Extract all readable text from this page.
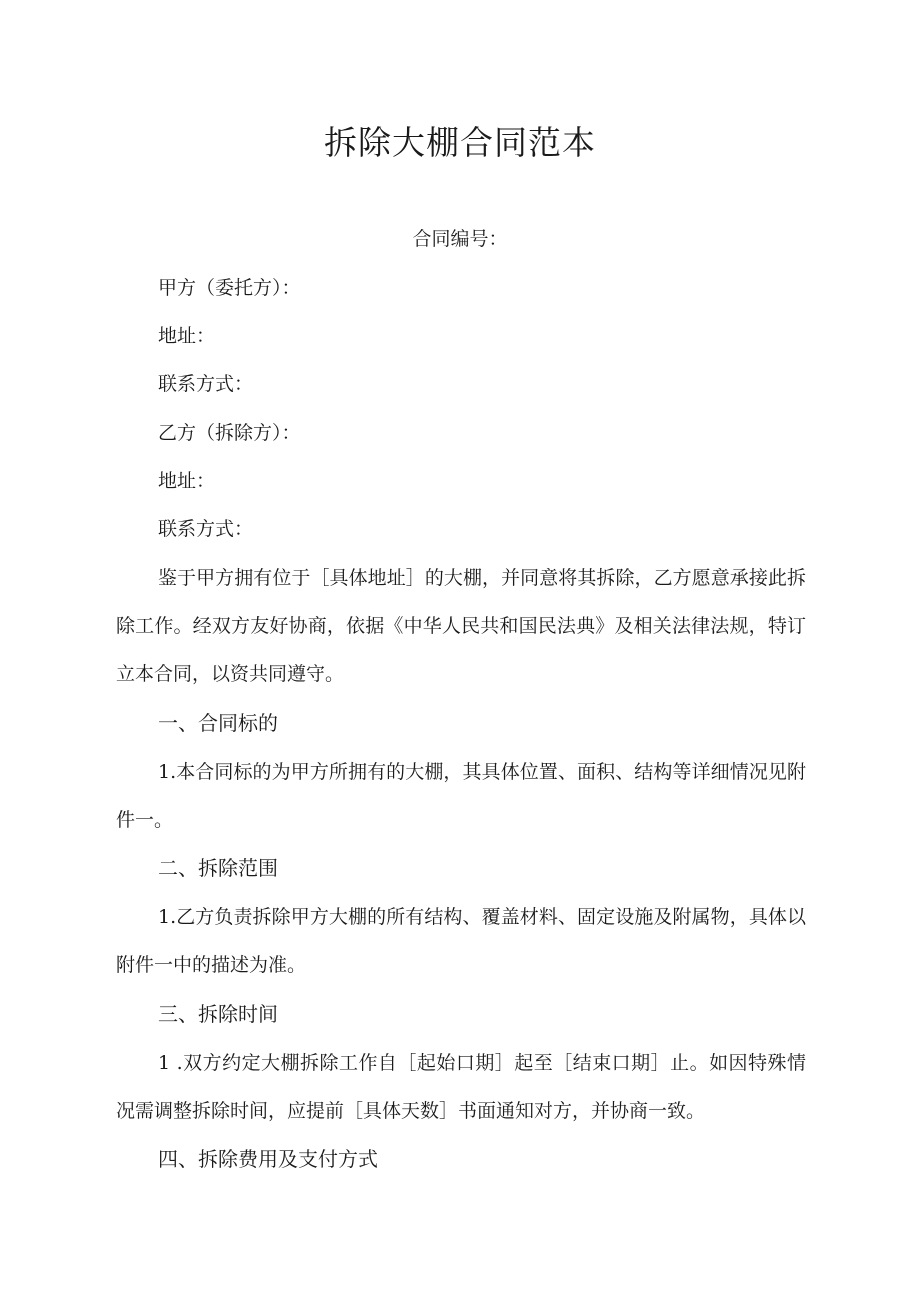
拆除大棚合同范本
合同编号：
甲方（委托方）：
地址：
联系方式：
乙方（拆除方）：
地址：
联系方式：

鉴于甲方拥有位于［具体地址］的大棚，并同意将其拆除，乙方愿意承接此拆除工作。经双方友好协商，依据《中华人民共和国民法典》及相关法律法规，特订立本合同，以资共同遵守。

一、合同标的

1.本合同标的为甲方所拥有的大棚，其具体位置、面积、结构等详细情况见附件一。

二、拆除范围

1.乙方负责拆除甲方大棚的所有结构、覆盖材料、固定设施及附属物，具体以附件一中的描述为准。

三、拆除时间

1 .双方约定大棚拆除工作自［起始口期］起至［结束口期］止。如因特殊情况需调整拆除时间，应提前［具体天数］书面通知对方，并协商一致。

四、拆除费用及支付方式
